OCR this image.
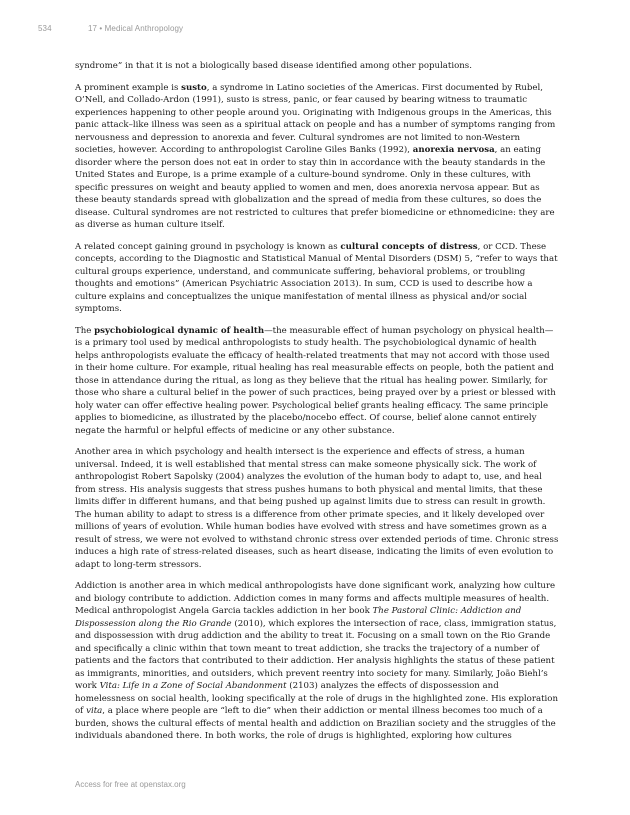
534	17 • Medical Anthropology

syndrome” in that it is not a biologically based disease identified among other populations.

A prominent example is susto, a syndrome in Latino societies of the Americas. First documented by Rubel, O’Nell, and Collado-Ardon (1991), susto is stress, panic, or fear caused by bearing witness to traumatic experiences happening to other people around you. Originating with Indigenous groups in the Americas, this panic attack–like illness was seen as a spiritual attack on people and has a number of symptoms ranging from nervousness and depression to anorexia and fever. Cultural syndromes are not limited to non-Western societies, however. According to anthropologist Caroline Giles Banks (1992), anorexia nervosa, an eating disorder where the person does not eat in order to stay thin in accordance with the beauty standards in the United States and Europe, is a prime example of a culture-bound syndrome. Only in these cultures, with specific pressures on weight and beauty applied to women and men, does anorexia nervosa appear. But as these beauty standards spread with globalization and the spread of media from these cultures, so does the disease. Cultural syndromes are not restricted to cultures that prefer biomedicine or ethnomedicine: they are as diverse as human culture itself.

A related concept gaining ground in psychology is known as cultural concepts of distress, or CCD. These concepts, according to the Diagnostic and Statistical Manual of Mental Disorders (DSM) 5, “refer to ways that cultural groups experience, understand, and communicate suffering, behavioral problems, or troubling thoughts and emotions” (American Psychiatric Association 2013). In sum, CCD is used to describe how a culture explains and conceptualizes the unique manifestation of mental illness as physical and/or social symptoms.

The psychobiological dynamic of health—the measurable effect of human psychology on physical health—is a primary tool used by medical anthropologists to study health. The psychobiological dynamic of health helps anthropologists evaluate the efficacy of health-related treatments that may not accord with those used in their home culture. For example, ritual healing has real measurable effects on people, both the patient and those in attendance during the ritual, as long as they believe that the ritual has healing power. Similarly, for those who share a cultural belief in the power of such practices, being prayed over by a priest or blessed with holy water can offer effective healing power. Psychological belief grants healing efficacy. The same principle applies to biomedicine, as illustrated by the placebo/nocebo effect. Of course, belief alone cannot entirely negate the harmful or helpful effects of medicine or any other substance.

Another area in which psychology and health intersect is the experience and effects of stress, a human universal. Indeed, it is well established that mental stress can make someone physically sick. The work of anthropologist Robert Sapolsky (2004) analyzes the evolution of the human body to adapt to, use, and heal from stress. His analysis suggests that stress pushes humans to both physical and mental limits, that these limits differ in different humans, and that being pushed up against limits due to stress can result in growth. The human ability to adapt to stress is a difference from other primate species, and it likely developed over millions of years of evolution. While human bodies have evolved with stress and have sometimes grown as a result of stress, we were not evolved to withstand chronic stress over extended periods of time. Chronic stress induces a high rate of stress-related diseases, such as heart disease, indicating the limits of even evolution to adapt to long-term stressors.

Addiction is another area in which medical anthropologists have done significant work, analyzing how culture and biology contribute to addiction. Addiction comes in many forms and affects multiple measures of health. Medical anthropologist Angela Garcia tackles addiction in her book The Pastoral Clinic: Addiction and Dispossession along the Rio Grande (2010), which explores the intersection of race, class, immigration status, and dispossession with drug addiction and the ability to treat it. Focusing on a small town on the Rio Grande and specifically a clinic within that town meant to treat addiction, she tracks the trajectory of a number of patients and the factors that contributed to their addiction. Her analysis highlights the status of these patient as immigrants, minorities, and outsiders, which prevent reentry into society for many. Similarly, João Biehl’s work Vita: Life in a Zone of Social Abandonment (2103) analyzes the effects of dispossession and homelessness on social health, looking specifically at the role of drugs in the highlighted zone. His exploration of vita, a place where people are “left to die” when their addiction or mental illness becomes too much of a burden, shows the cultural effects of mental health and addiction on Brazilian society and the struggles of the individuals abandoned there. In both works, the role of drugs is highlighted, exploring how cultures

Access for free at openstax.org
